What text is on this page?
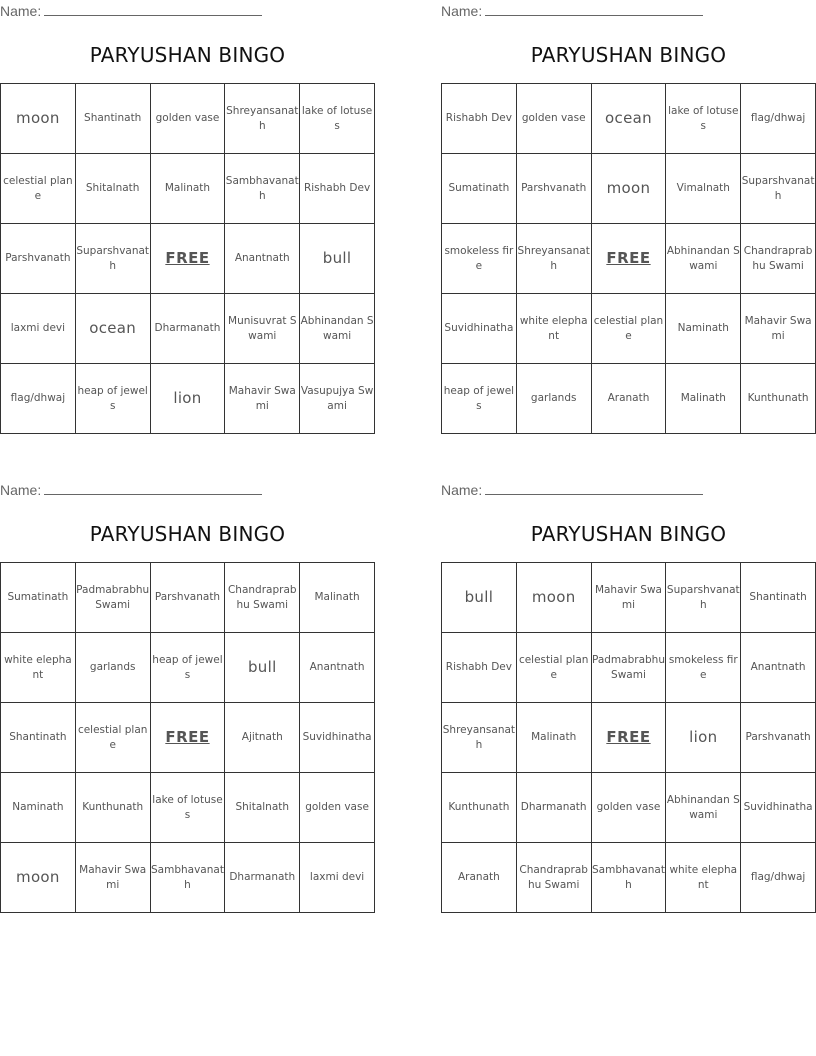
Name:
PARYUSHAN BINGO
moon	Shantinath	golden vase	Shreyansanath	lake of lotuses
celestial plane	Shitalnath	Malinath	Sambhavanath	Rishabh Dev
Parshvanath	Suparshvanath	FREE	Anantnath	bull
laxmi devi	ocean	Dharmanath	Munisuvrat Swami	Abhinandan Swami
flag/dhwaj	heap of jewels	lion	Mahavir Swami	Vasupujya Swami
Name:
PARYUSHAN BINGO
Rishabh Dev	golden vase	ocean	lake of lotuses	flag/dhwaj
Sumatinath	Parshvanath	moon	Vimalnath	Suparshvanath
smokeless fire	Shreyansanath	FREE	Abhinandan Swami	Chandraprabhu Swami
Suvidhinatha	white elephant	celestial plane	Naminath	Mahavir Swami
heap of jewels	garlands	Aranath	Malinath	Kunthunath
Name:
PARYUSHAN BINGO
Sumatinath	Padmabrabhu Swami	Parshvanath	Chandraprabhu Swami	Malinath
white elephant	garlands	heap of jewels	bull	Anantnath
Shantinath	celestial plane	FREE	Ajitnath	Suvidhinatha
Naminath	Kunthunath	lake of lotuses	Shitalnath	golden vase
moon	Mahavir Swami	Sambhavanath	Dharmanath	laxmi devi
Name:
PARYUSHAN BINGO
bull	moon	Mahavir Swami	Suparshvanath	Shantinath
Rishabh Dev	celestial plane	Padmabrabhu Swami	smokeless fire	Anantnath
Shreyansanath	Malinath	FREE	lion	Parshvanath
Kunthunath	Dharmanath	golden vase	Abhinandan Swami	Suvidhinatha
Aranath	Chandraprabhu Swami	Sambhavanath	white elephant	flag/dhwaj
